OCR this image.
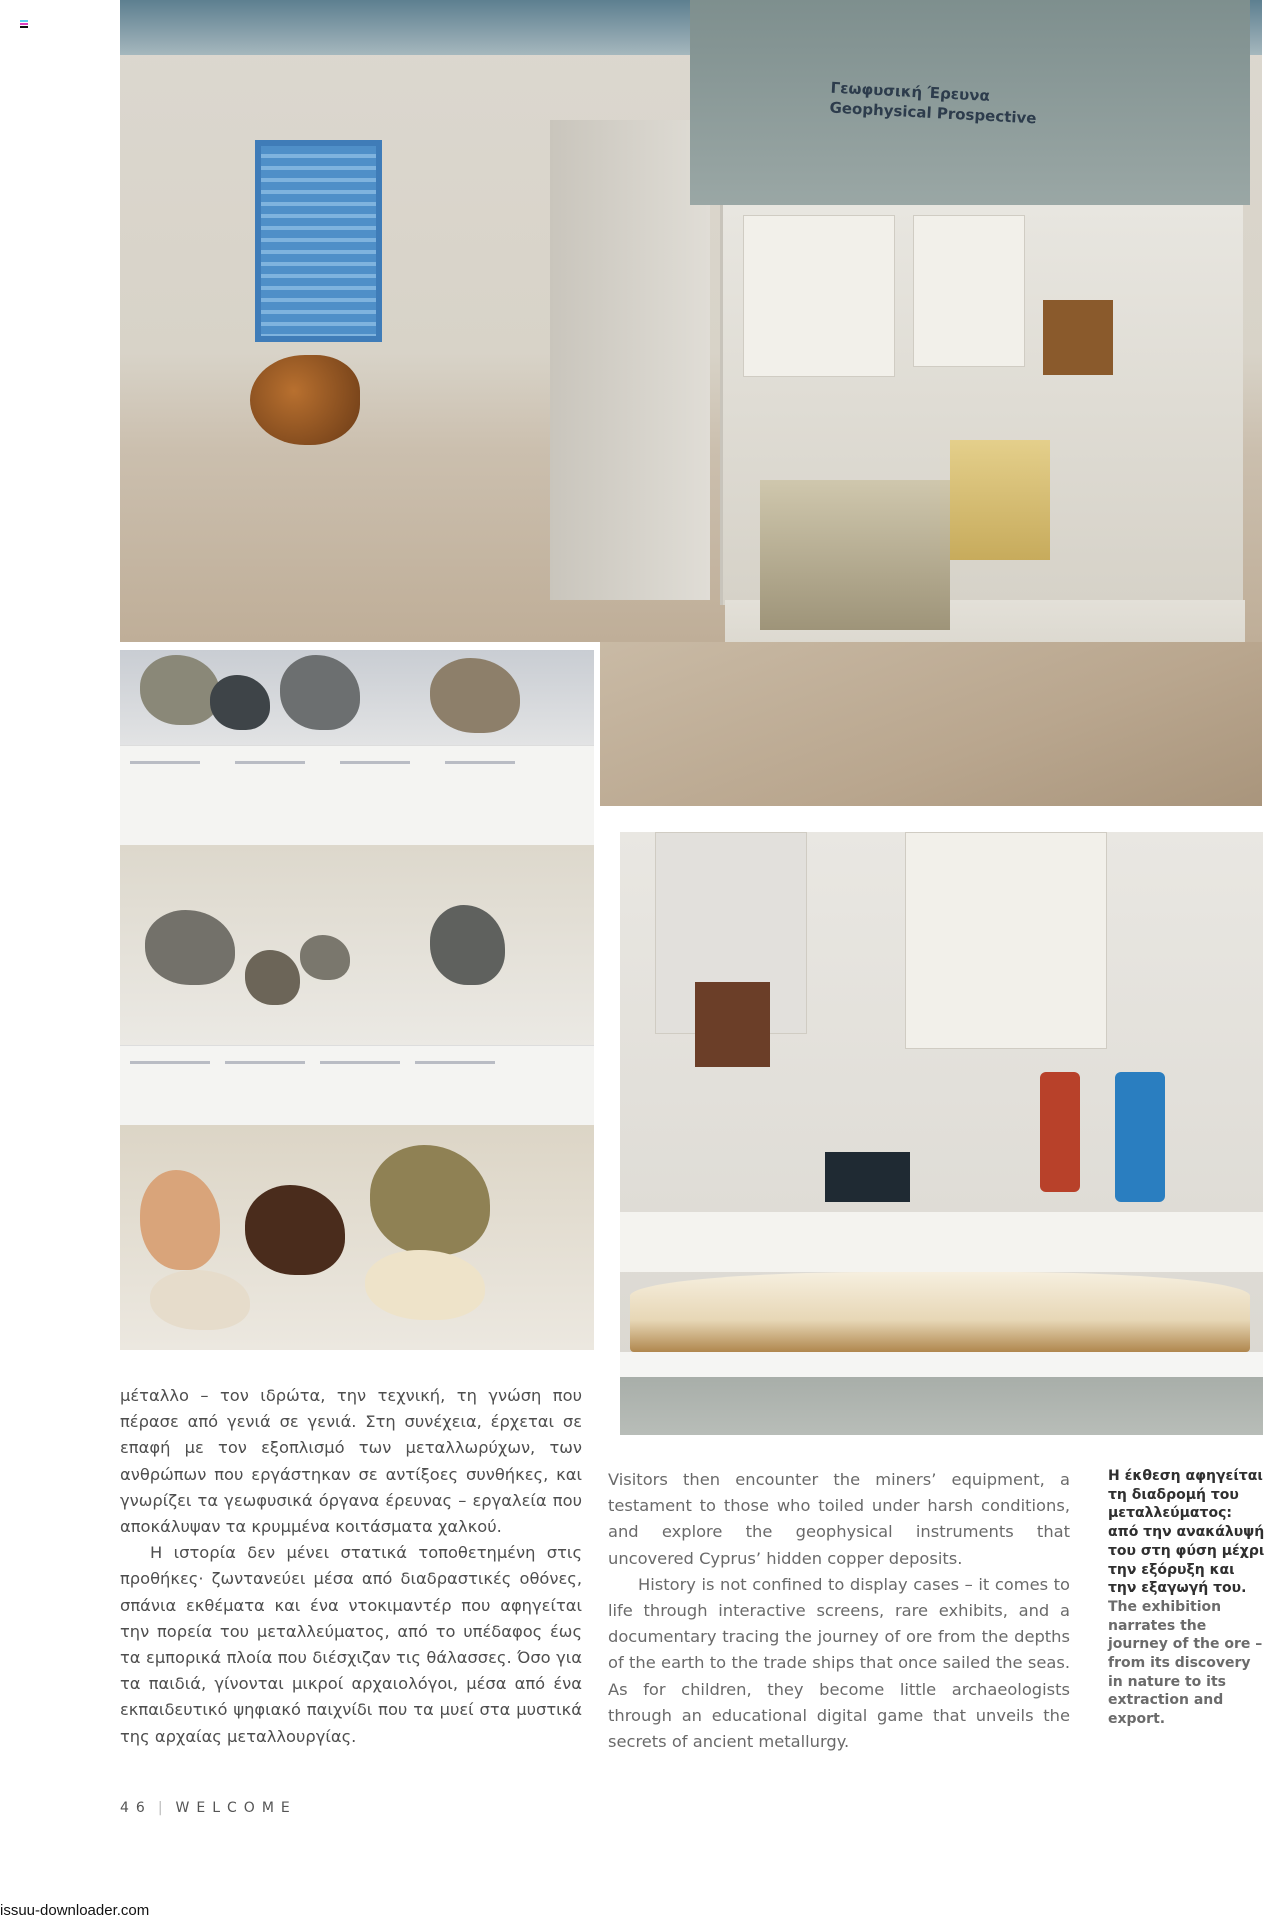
Γεωφυσική Έρευνα
Geophysical Prospective

μέταλλο – τον ιδρώτα, την τεχνική, τη γνώση που πέρασε από γενιά σε γενιά. Στη συνέχεια, έρχεται σε επαφή με τον εξοπλισμό των μεταλλωρύχων, των ανθρώπων που εργάστηκαν σε αντίξοες συνθήκες, και γνωρίζει τα γεωφυσικά όργανα έρευνας – εργαλεία που αποκάλυψαν τα κρυμμένα κοιτάσματα χαλκού.

Η ιστορία δεν μένει στατικά τοποθετημένη στις προθήκες· ζωντανεύει μέσα από διαδραστικές οθόνες, σπάνια εκθέματα και ένα ντοκιμαντέρ που αφηγείται την πορεία του μεταλλεύματος, από το υπέδαφος έως τα εμπορικά πλοία που διέσχιζαν τις θάλασσες. Όσο για τα παιδιά, γίνονται μικροί αρχαιολόγοι, μέσα από ένα εκπαιδευτικό ψηφιακό παιχνίδι που τα μυεί στα μυστικά της αρχαίας μεταλλουργίας.

Visitors then encounter the miners’ equipment, a testament to those who toiled under harsh conditions, and explore the geophysical instruments that uncovered Cyprus’ hidden copper deposits.

History is not confined to display cases – it comes to life through interactive screens, rare exhibits, and a documentary tracing the journey of ore from the depths of the earth to the trade ships that once sailed the seas. As for children, they become little archaeologists through an educational digital game that unveils the secrets of ancient metallurgy.

Η έκθεση αφηγείται τη διαδρομή του μεταλλεύματος: από την ανακάλυψή του στη φύση μέχρι την εξόρυξη και την εξαγωγή του.
The exhibition narrates the journey of the ore – from its discovery in nature to its extraction and export.
46 | WELCOME
issuu-downloader.com
